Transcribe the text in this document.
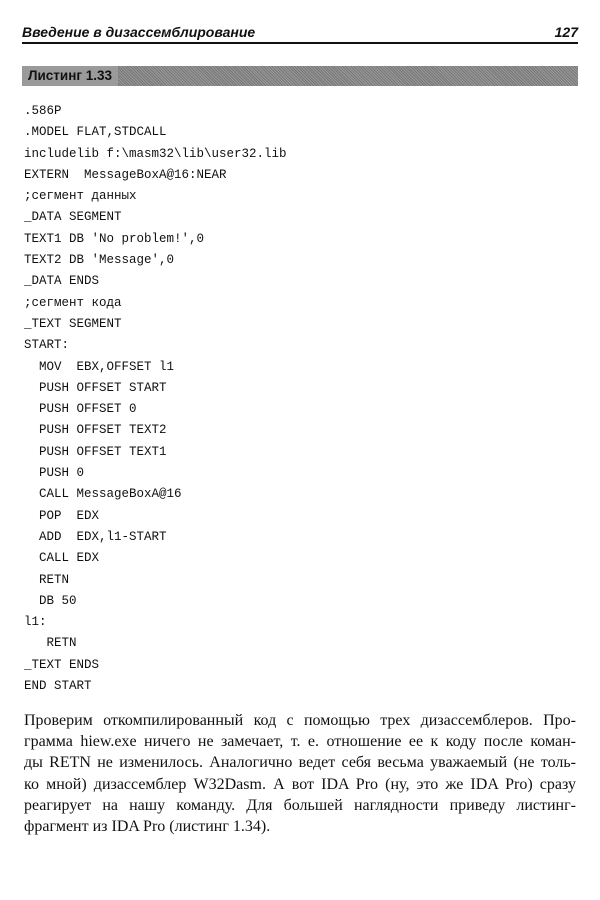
Введение в дизассемблирование	127
Листинг 1.33
.586P
.MODEL FLAT,STDCALL
includelib f:\masm32\lib\user32.lib
EXTERN  MessageBoxA@16:NEAR
;сегмент данных
_DATA SEGMENT
TEXT1 DB 'No problem!',0
TEXT2 DB 'Message',0
_DATA ENDS
;сегмент кода
_TEXT SEGMENT
START:
MOV  EBX,OFFSET l1
PUSH OFFSET START
PUSH OFFSET 0
PUSH OFFSET TEXT2
PUSH OFFSET TEXT1
PUSH 0
CALL MessageBoxA@16
POP  EDX
ADD  EDX,l1-START
CALL EDX
RETN
DB 50
l1:
RETN
_TEXT ENDS
END START
Проверим откомпилированный код с помощью трех дизассемблеров. Про-
грамма hiew.exe ничего не замечает, т. е. отношение ее к коду после коман-
ды RETN не изменилось. Аналогично ведет себя весьма уважаемый (не толь-
ко мной) дизассемблер W32Dasm. А вот IDA Pro (ну, это же IDA Pro) сразу
реагирует на нашу команду. Для большей наглядности приведу листинг-
фрагмент из IDA Pro (листинг 1.34).
